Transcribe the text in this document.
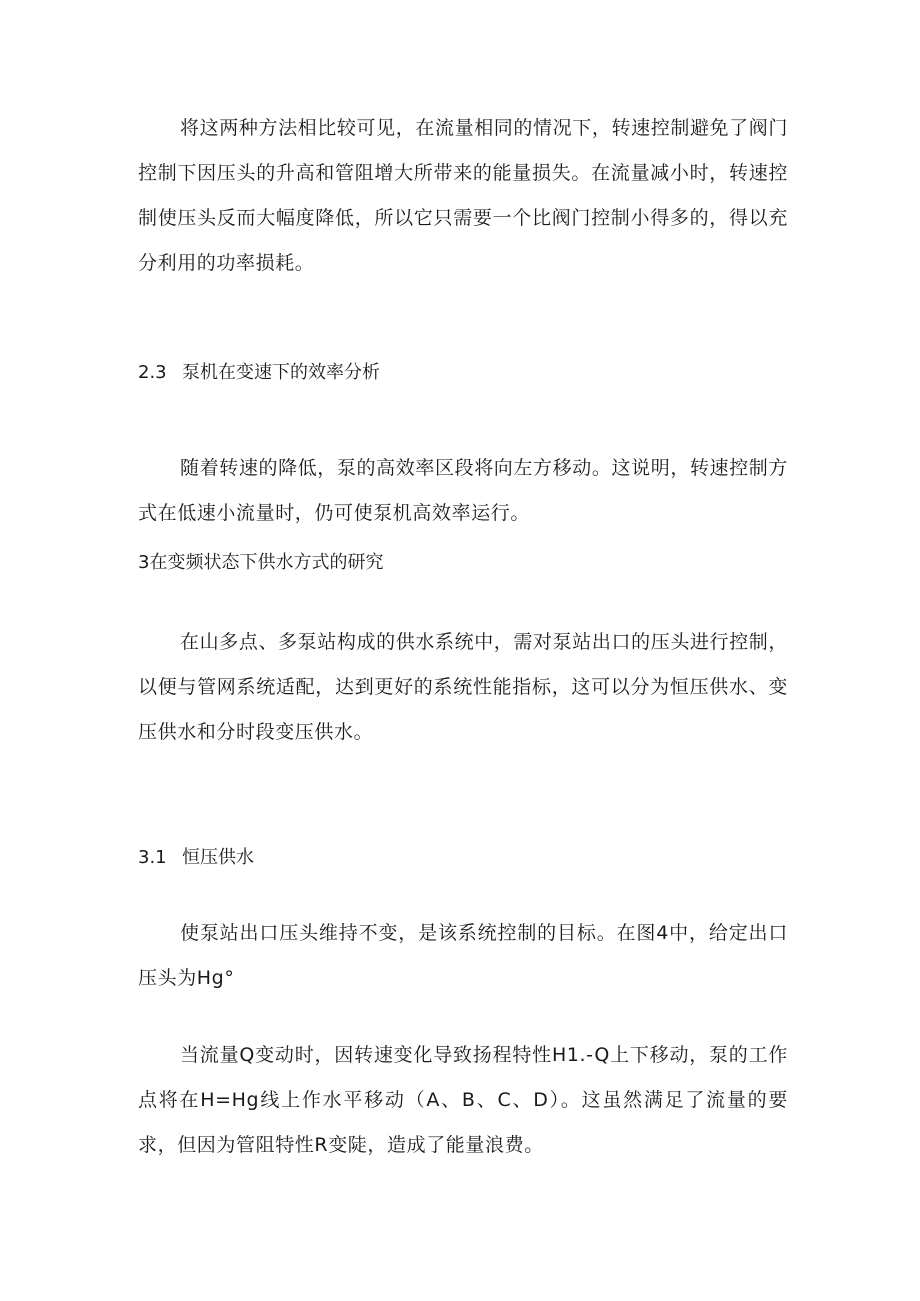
将这两种方法相比较可见，在流量相同的情况下，转速控制避免了阀门控制下因压头的升高和管阻增大所带来的能量损失。在流量减小时，转速控制使压头反而大幅度降低，所以它只需要一个比阀门控制小得多的，得以充分利用的功率损耗。

2.3 泵机在变速下的效率分析

随着转速的降低，泵的高效率区段将向左方移动。这说明，转速控制方式在低速小流量时，仍可使泵机高效率运行。

3在变频状态下供水方式的研究

在山多点、多泵站构成的供水系统中，需对泵站出口的压头进行控制，以便与管网系统适配，达到更好的系统性能指标，这可以分为恒压供水、变压供水和分时段变压供水。

3.1 恒压供水

使泵站出口压头维持不变，是该系统控制的目标。在图4中，给定出口压头为Hg°

当流量Q变动时，因转速变化导致扬程特性H1.-Q上下移动，泵的工作点将在H=Hg线上作水平移动（A、B、C、D）。这虽然满足了流量的要求，但因为管阻特性R变陡，造成了能量浪费。
